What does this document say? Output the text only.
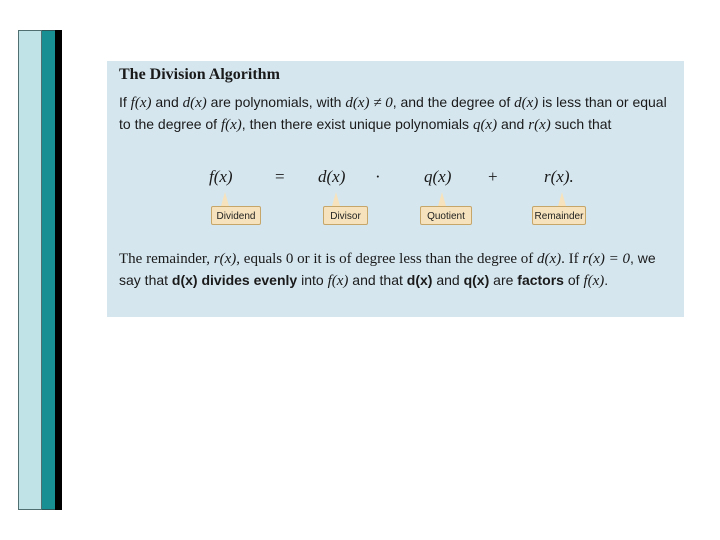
The Division Algorithm
If f(x) and d(x) are polynomials, with d(x) ≠ 0, and the degree of d(x) is less than or equal to the degree of f(x), then there exist unique polynomials q(x) and r(x) such that
f(x) = d(x) ·	q(x) +	r(x).
Dividend	Divisor	Quotient	Remainder
The remainder, r(x), equals 0 or it is of degree less than the degree of d(x). If r(x) = 0, we say that d(x) divides evenly into f(x) and that d(x) and q(x) are factors of f(x).
